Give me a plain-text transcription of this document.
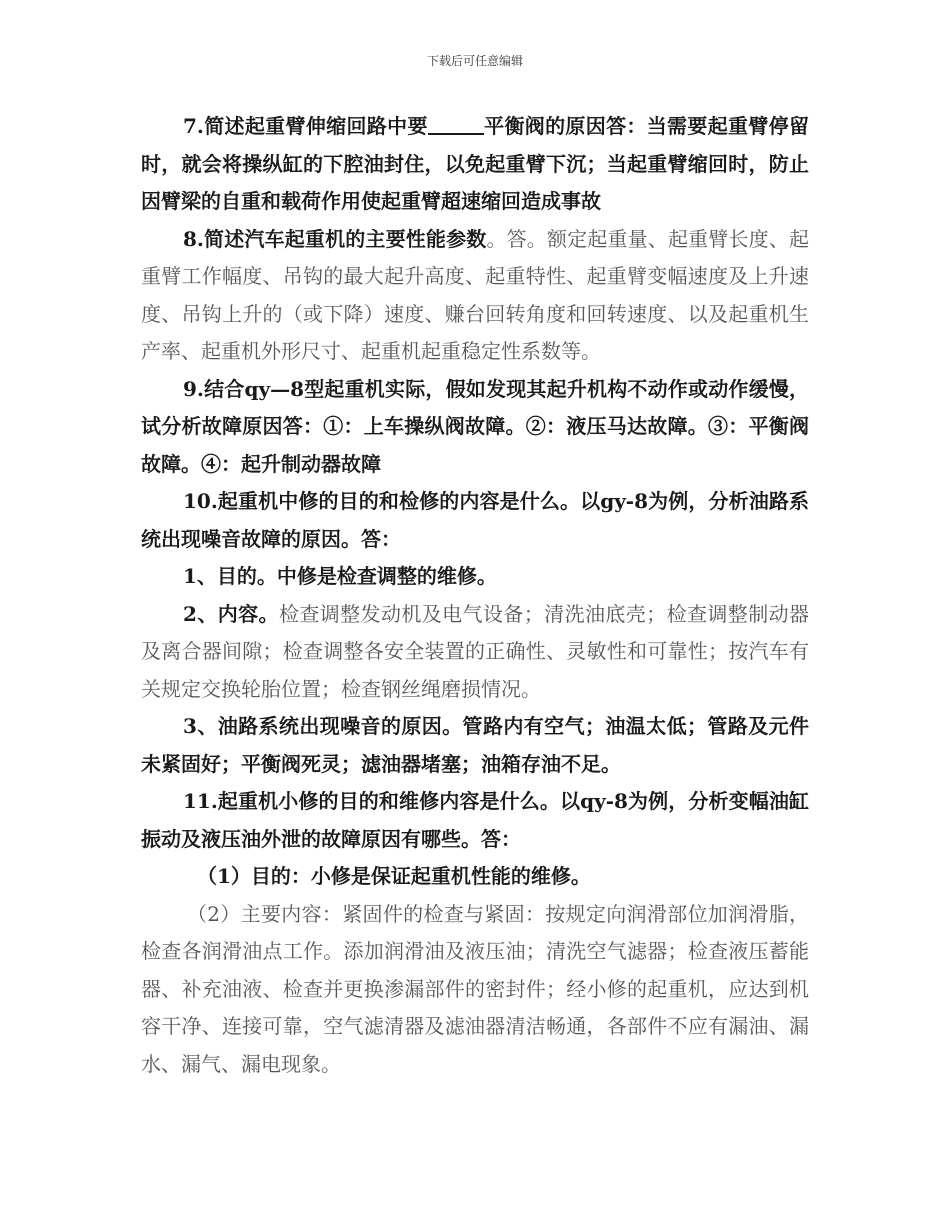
下载后可任意编辑

7.简述起重臂伸缩回路中要	平衡阀的原因答：当需要起重臂停留时，就会将操纵缸的下腔油封住，以免起重臂下沉；当起重臂缩回时，防止因臂梁的自重和载荷作用使起重臂超速缩回造成事故

8.简述汽车起重机的主要性能参数。答。额定起重量、起重臂长度、起重臂工作幅度、吊钩的最大起升高度、起重特性、起重臂变幅速度及上升速度、吊钩上升的（或下降）速度、赚台回转角度和回转速度、以及起重机生产率、起重机外形尺寸、起重机起重稳定性系数等。

9.结合qy—8型起重机实际，假如发现其起升机构不动作或动作缓慢，试分析故障原因答：①：上车操纵阀故障。②：液压马达故障。③：平衡阀故障。④：起升制动器故障

10.起重机中修的目的和检修的内容是什么。以gy-8为例，分析油路系统出现噪音故障的原因。答：

1、目的。中修是检查调整的维修。

2、内容。检查调整发动机及电气设备；清洗油底壳；检查调整制动器及离合器间隙；检查调整各安全装置的正确性、灵敏性和可靠性；按汽车有关规定交换轮胎位置；检查钢丝绳磨损情况。

3、油路系统出现噪音的原因。管路内有空气；油温太低；管路及元件未紧固好；平衡阀死灵；滤油器堵塞；油箱存油不足。

11.起重机小修的目的和维修内容是什么。以qy-8为例，分析变幅油缸振动及液压油外泄的故障原因有哪些。答：

（1）目的：小修是保证起重机性能的维修。

（2）主要内容：紧固件的检查与紧固：按规定向润滑部位加润滑脂，检查各润滑油点工作。添加润滑油及液压油；清洗空气滤器；检查液压蓄能器、补充油液、检查并更换渗漏部件的密封件；经小修的起重机，应达到机容干净、连接可靠，空气滤清器及滤油器清洁畅通，各部件不应有漏油、漏水、漏气、漏电现象。
